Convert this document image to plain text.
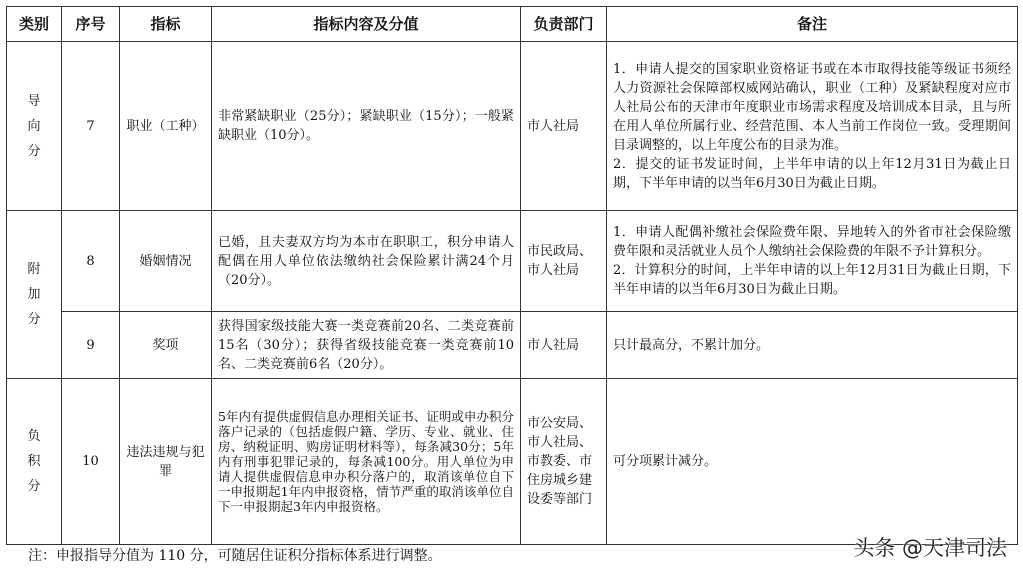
类别	序号	指标	指标内容及分值	负责部门	备注

导向分	7	职业（工种）	非常紧缺职业（25分）；紧缺职业（15分）；一般紧缺职业（10分）。	市人社局	1．申请人提交的国家职业资格证书或在本市取得技能等级证书须经人力资源社会保障部权威网站确认，职业（工种）及紧缺程度对应市人社局公布的天津市年度职业市场需求程度及培训成本目录，且与所在用人单位所属行业、经营范围、本人当前工作岗位一致。受理期间目录调整的，以上年度公布的目录为准。
2．提交的证书发证时间，上半年申请的以上年12月31日为截止日期，下半年申请的以当年6月30日为截止日期。

附加分	8	婚姻情况	已婚，且夫妻双方均为本市在职职工，积分申请人配偶在用人单位依法缴纳社会保险累计满24个月（20分）。	市民政局、市人社局	1．申请人配偶补缴社会保险费年限、异地转入的外省市社会保险缴费年限和灵活就业人员个人缴纳社会保险费的年限不予计算积分。
2．计算积分的时间，上半年申请的以上年12月31日为截止日期，下半年申请的以当年6月30日为截止日期。

	9	奖项	获得国家级技能大赛一类竞赛前20名、二类竞赛前15名（30分）；获得省级技能竞赛一类竞赛前10名、二类竞赛前6名（20分）。	市人社局	只计最高分，不累计加分。

负积分	10	违法违规与犯罪	5年内有提供虚假信息办理相关证书、证明或申办积分落户记录的（包括虚假户籍、学历、专业、就业、住房、纳税证明、购房证明材料等），每条减30分；5年内有刑事犯罪记录的，每条减100分。用人单位为申请人提供虚假信息申办积分落户的，取消该单位自下一申报期起1年内申报资格，情节严重的取消该单位自下一申报期起3年内申报资格。	市公安局、市人社局、市教委、市住房城乡建设委等部门	可分项累计减分。
注：申报指导分值为 110 分，可随居住证积分指标体系进行调整。	头条 @天津司法
